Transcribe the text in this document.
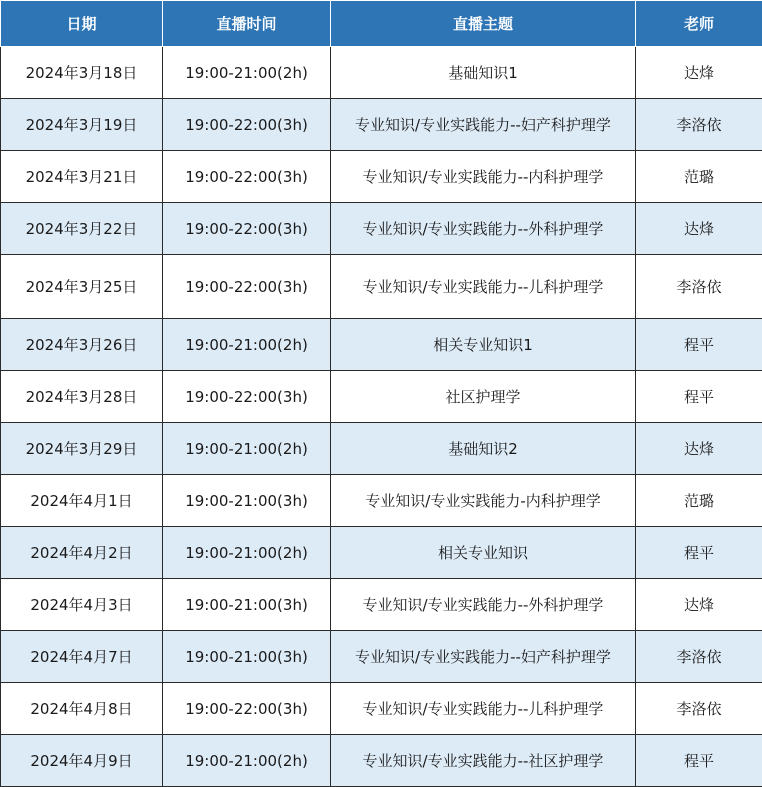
日期	直播时间	直播主题	老师
2024年3月18日	19:00-21:00(2h)	基础知识1	达烽
2024年3月19日	19:00-22:00(3h)	专业知识/专业实践能力--妇产科护理学	李洛依
2024年3月21日	19:00-22:00(3h)	专业知识/专业实践能力--内科护理学	范璐
2024年3月22日	19:00-22:00(3h)	专业知识/专业实践能力--外科护理学	达烽
2024年3月25日	19:00-22:00(3h)	专业知识/专业实践能力--儿科护理学	李洛依
2024年3月26日	19:00-21:00(2h)	相关专业知识1	程平
2024年3月28日	19:00-22:00(3h)	社区护理学	程平
2024年3月29日	19:00-21:00(2h)	基础知识2	达烽
2024年4月1日	19:00-21:00(3h)	专业知识/专业实践能力-内科护理学	范璐
2024年4月2日	19:00-21:00(2h)	相关专业知识	程平
2024年4月3日	19:00-21:00(3h)	专业知识/专业实践能力--外科护理学	达烽
2024年4月7日	19:00-21:00(3h)	专业知识/专业实践能力--妇产科护理学	李洛依
2024年4月8日	19:00-22:00(3h)	专业知识/专业实践能力--儿科护理学	李洛依
2024年4月9日	19:00-21:00(2h)	专业知识/专业实践能力--社区护理学	程平
